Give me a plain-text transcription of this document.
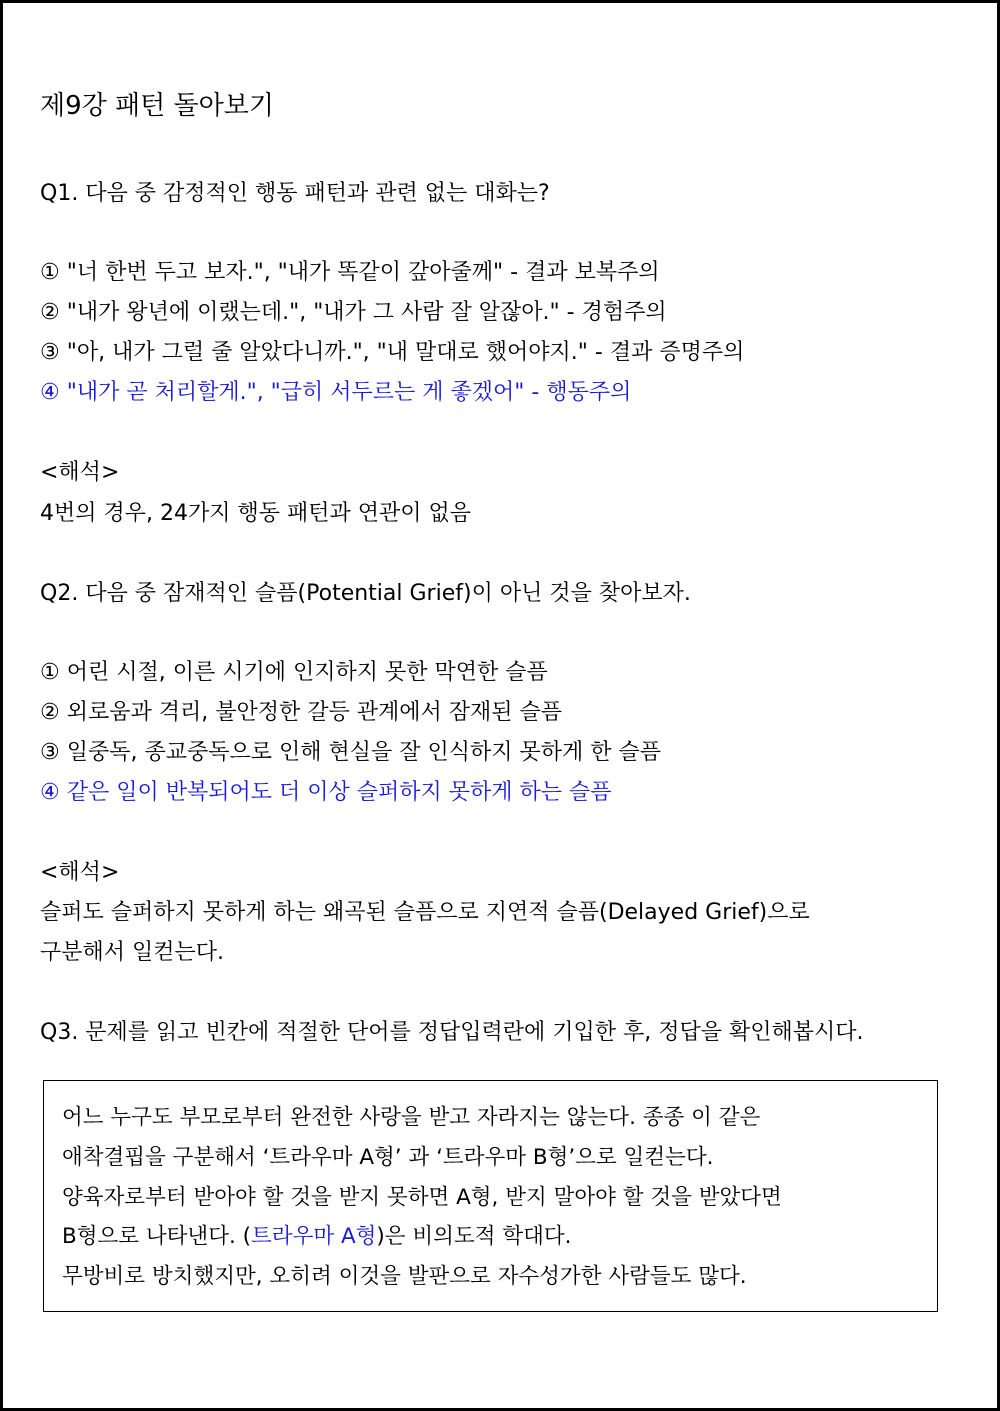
제9강 패턴 돌아보기
Q1. 다음 중 감정적인 행동 패턴과 관련 없는 대화는?
① "너 한번 두고 보자.", "내가 똑같이 갚아줄께" - 결과 보복주의
② "내가 왕년에 이랬는데.", "내가 그 사람 잘 알잖아." - 경험주의
③ "아, 내가 그럴 줄 알았다니까.", "내 말대로 했어야지." - 결과 증명주의
④ "내가 곧 처리할게.", "급히 서두르는 게 좋겠어" - 행동주의
<해석>
4번의 경우, 24가지 행동 패턴과 연관이 없음
Q2. 다음 중 잠재적인 슬픔(Potential Grief)이 아닌 것을 찾아보자.
① 어린 시절, 이른 시기에 인지하지 못한 막연한 슬픔
② 외로움과 격리, 불안정한 갈등 관계에서 잠재된 슬픔
③ 일중독, 종교중독으로 인해 현실을 잘 인식하지 못하게 한 슬픔
④ 같은 일이 반복되어도 더 이상 슬퍼하지 못하게 하는 슬픔
<해석>
슬퍼도 슬퍼하지 못하게 하는 왜곡된 슬픔으로 지연적 슬픔(Delayed Grief)으로
구분해서 일컫는다.
Q3. 문제를 읽고 빈칸에 적절한 단어를 정답입력란에 기입한 후, 정답을 확인해봅시다.
어느 누구도 부모로부터 완전한 사랑을 받고 자라지는 않는다. 종종 이 같은
애착결핍을 구분해서 ‘트라우마 A형’ 과 ‘트라우마 B형’으로 일컫는다.
양육자로부터 받아야 할 것을 받지 못하면 A형, 받지 말아야 할 것을 받았다면
B형으로 나타낸다. (트라우마 A형)은 비의도적 학대다.
무방비로 방치했지만, 오히려 이것을 발판으로 자수성가한 사람들도 많다.
